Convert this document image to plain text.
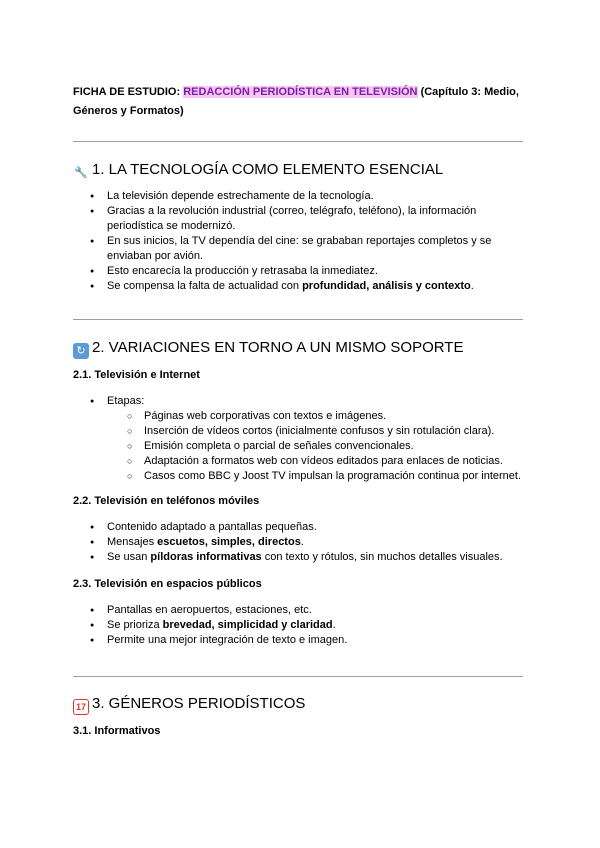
FICHA DE ESTUDIO: REDACCIÓN PERIODÍSTICA EN TELEVISIÓN (Capítulo 3: Medio, Géneros y Formatos)
🔧 1. LA TECNOLOGÍA COMO ELEMENTO ESENCIAL
● La televisión depende estrechamente de la tecnología.
● Gracias a la revolución industrial (correo, telégrafo, teléfono), la información periodística se modernizó.
● En sus inicios, la TV dependía del cine: se grababan reportajes completos y se enviaban por avión.
● Esto encarecía la producción y retrasaba la inmediatez.
● Se compensa la falta de actualidad con profundidad, análisis y contexto.
↻ 2. VARIACIONES EN TORNO A UN MISMO SOPORTE
2.1. Televisión e Internet
● Etapas:
○ Páginas web corporativas con textos e imágenes.
○ Inserción de vídeos cortos (inicialmente confusos y sin rotulación clara).
○ Emisión completa o parcial de señales convencionales.
○ Adaptación a formatos web con vídeos editados para enlaces de noticias.
○ Casos como BBC y Joost TV impulsan la programación continua por internet.
2.2. Televisión en teléfonos móviles
● Contenido adaptado a pantallas pequeñas.
● Mensajes escuetos, simples, directos.
● Se usan píldoras informativas con texto y rótulos, sin muchos detalles visuales.
2.3. Televisión en espacios públicos
● Pantallas en aeropuertos, estaciones, etc.
● Se prioriza brevedad, simplicidad y claridad.
● Permite una mejor integración de texto e imagen.
17 3. GÉNEROS PERIODÍSTICOS
3.1. Informativos
